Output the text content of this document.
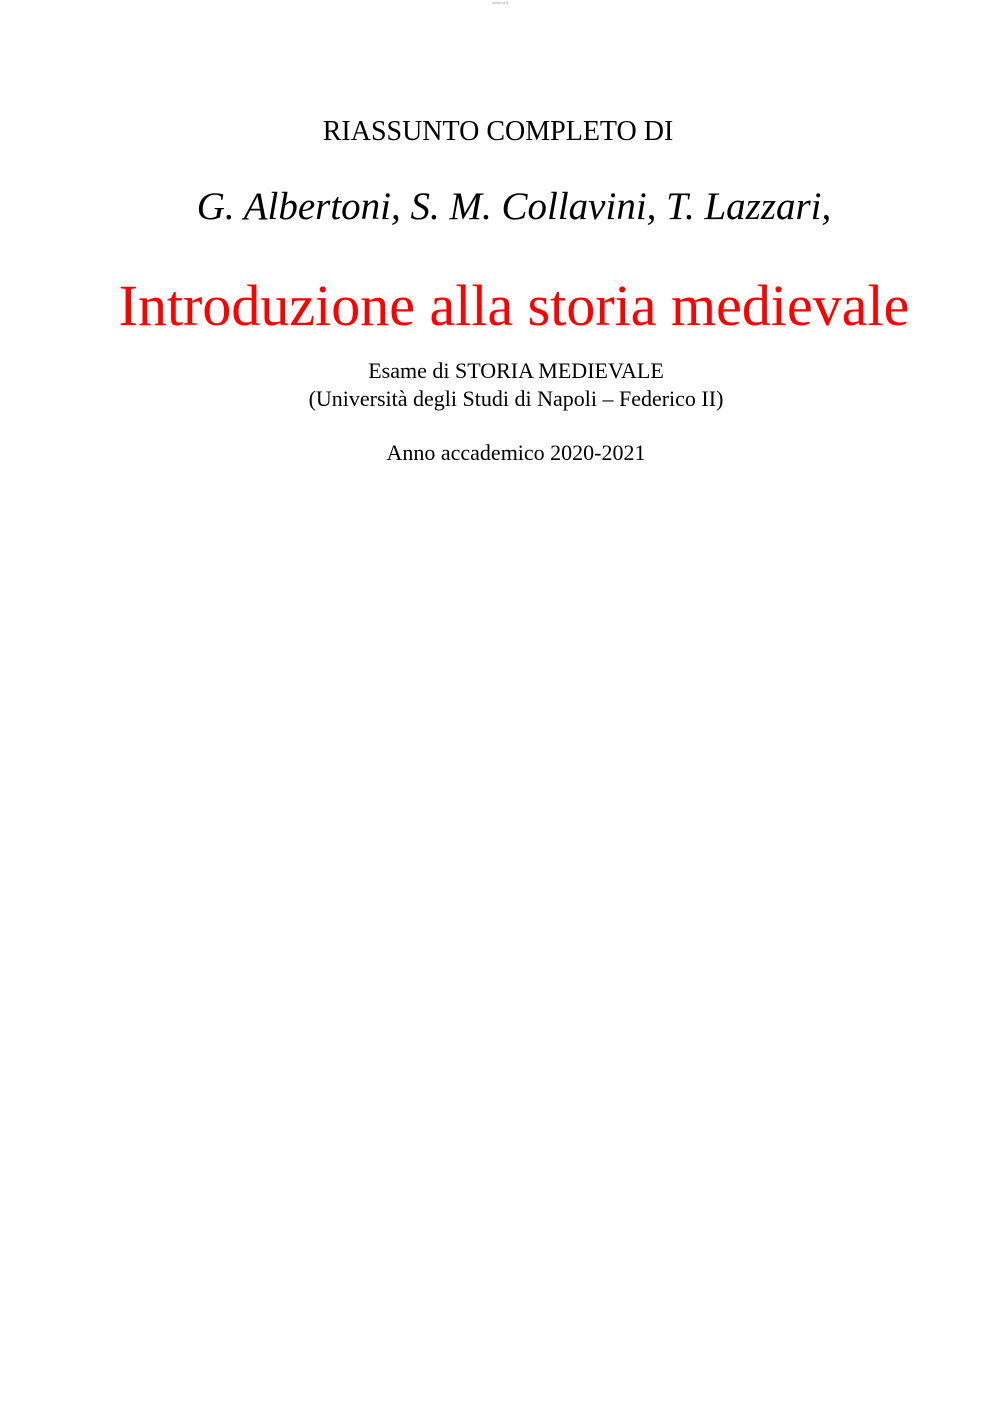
www.ut.it
RIASSUNTO COMPLETO DI
G. Albertoni, S. M. Collavini, T. Lazzari,
Introduzione alla storia medievale
Esame di STORIA MEDIEVALE
(Università degli Studi di Napoli – Federico II)
Anno accademico 2020-2021
